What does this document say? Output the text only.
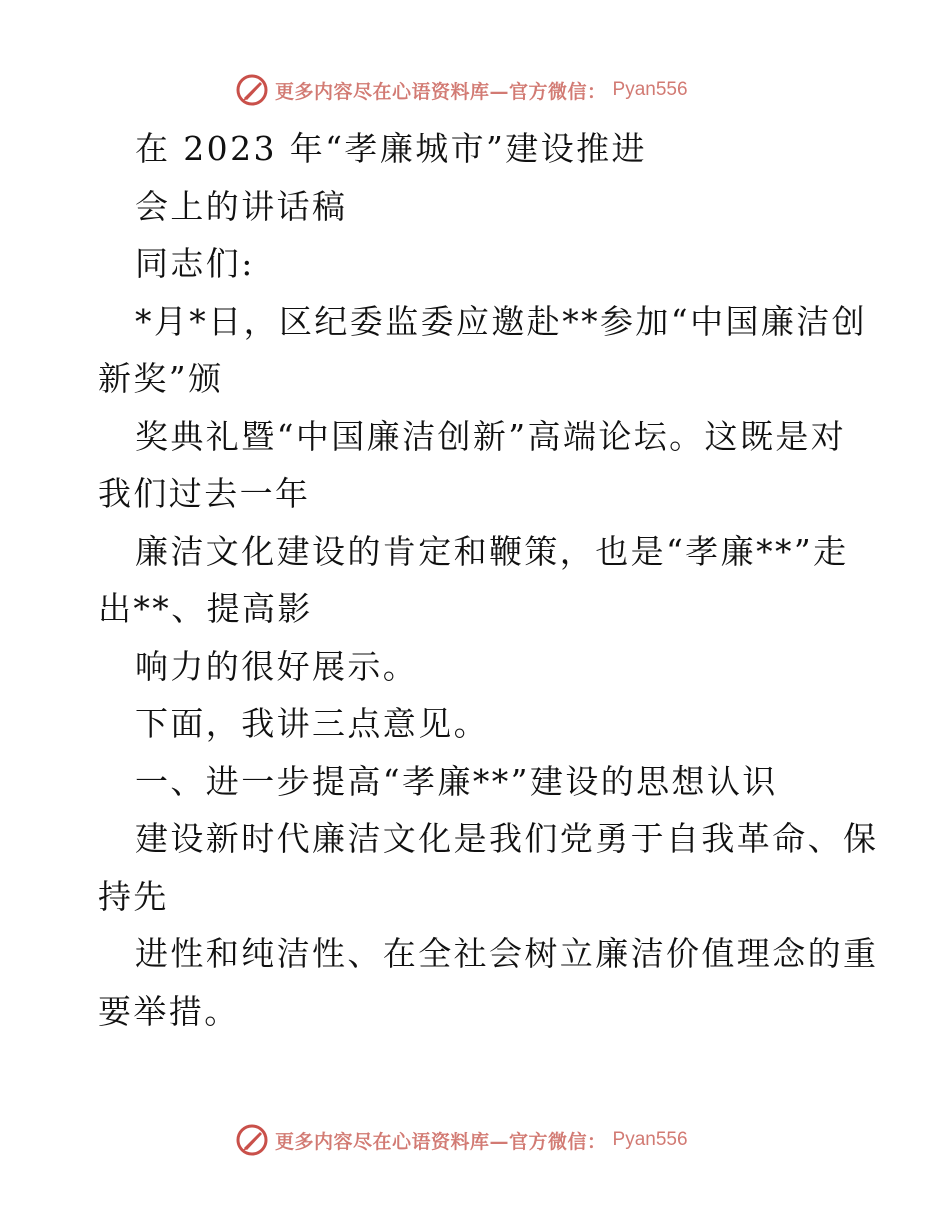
更多内容尽在心语资料库—官方微信： Pyan556
在 2023 年“孝廉城市”建设推进
会上的讲话稿
同志们:
*月*日，区纪委监委应邀赴**参加“中国廉洁创
新奖”颁
奖典礼暨“中国廉洁创新”高端论坛。这既是对
我们过去一年
廉洁文化建设的肯定和鞭策，也是“孝廉**”走
出**、提高影
响力的很好展示。
下面，我讲三点意见。
一、进一步提高“孝廉**”建设的思想认识
建设新时代廉洁文化是我们党勇于自我革命、保
持先
进性和纯洁性、在全社会树立廉洁价值理念的重
要举措。
更多内容尽在心语资料库—官方微信： Pyan556
